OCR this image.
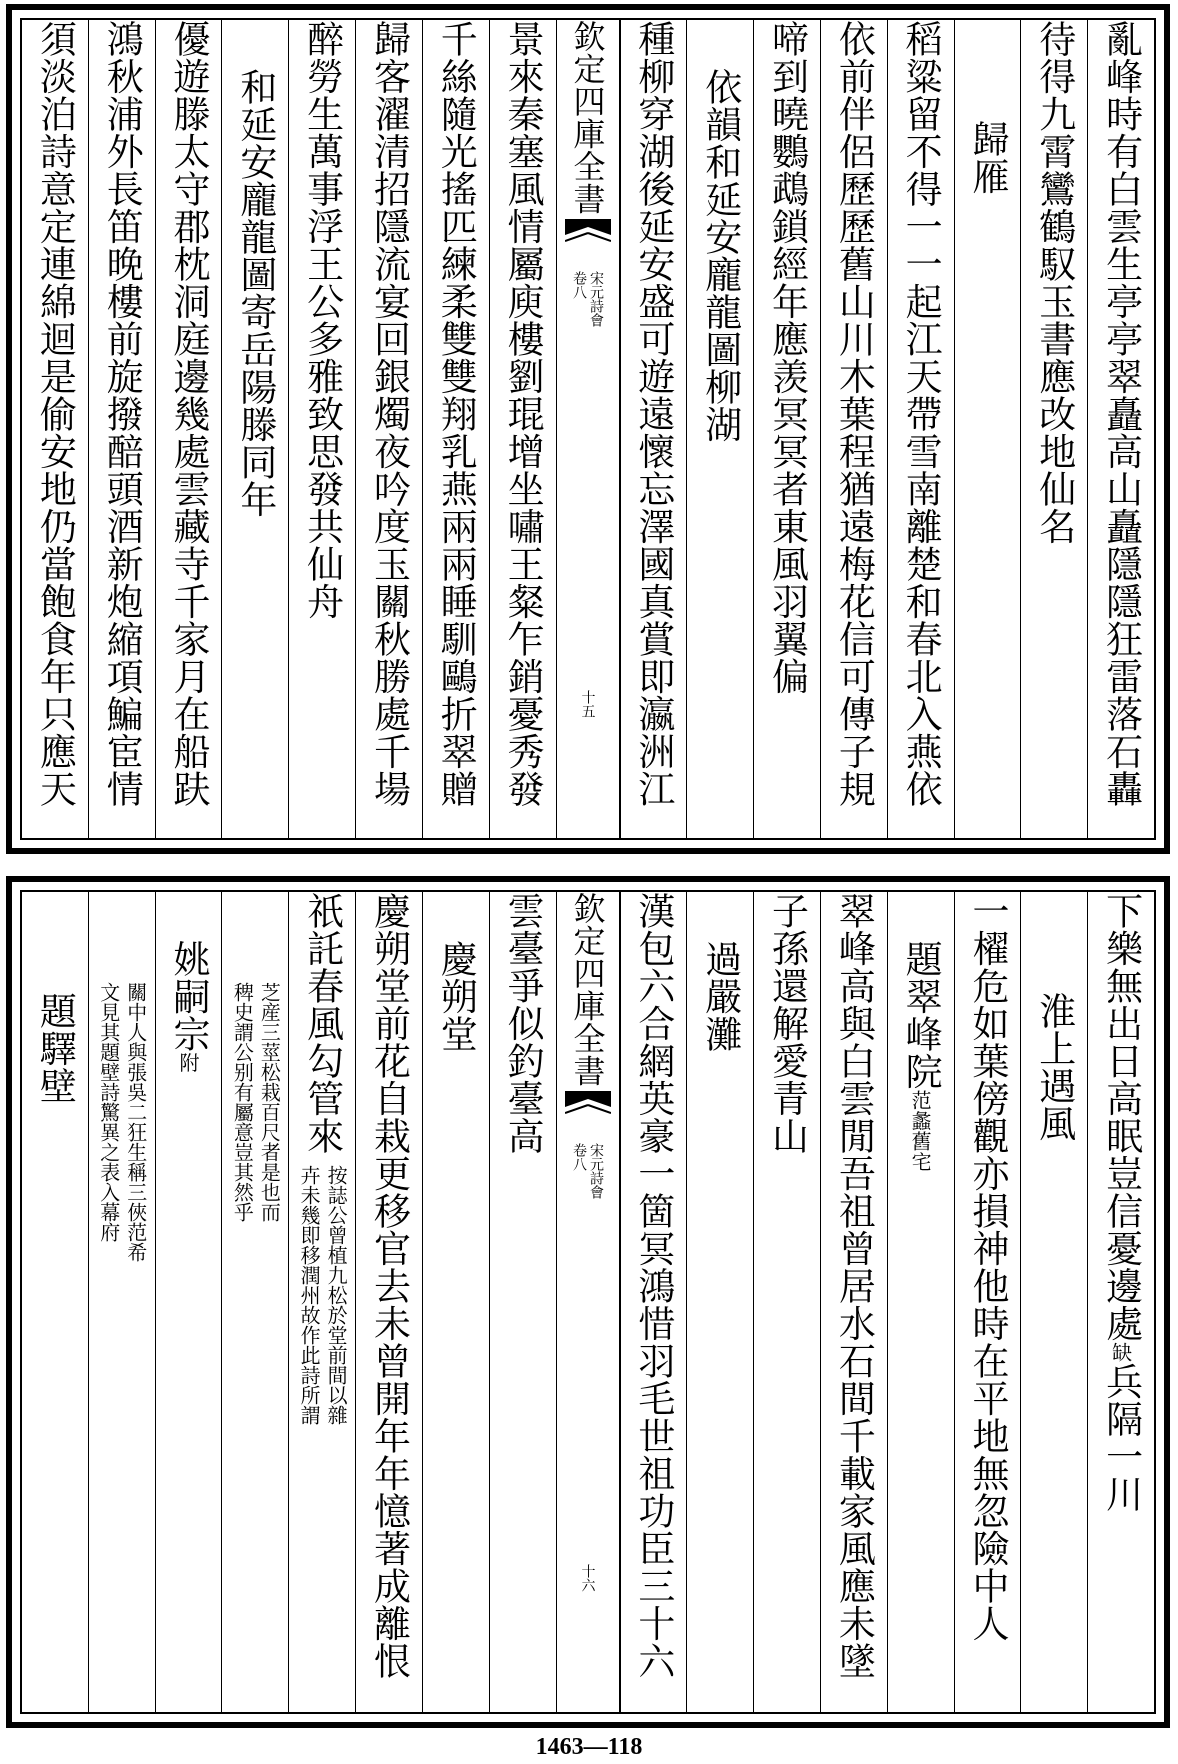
亂峰時有白雲生亭亭翠矗高山矗隱隱狂雷落石轟
待得九霄鸞鶴馭玉書應改地仙名
歸雁
稻粱留不得一一起江天帶雪南離楚和春北入燕依
依前伴侶歷歷舊山川木葉程猶遠梅花信可傳子規
啼到曉鸚鵡鎖經年應羡冥冥者東風羽翼偏
依韻和延安龐龍圖柳湖
種柳穿湖後延安盛可遊遠懷忘澤國真賞即瀛洲江
欽定四庫全書
宋元詩會
卷八
十五
景來秦塞風情屬庾樓劉琨增坐嘯王粲乍銷憂秀發
千絲隨光搖匹練柔雙雙翔乳燕兩兩睡馴鷗折翠贈
歸客濯清招隱流宴回銀燭夜吟度玉關秋勝處千場
醉勞生萬事浮王公多雅致思發共仙舟
和延安龐龍圖寄岳陽滕同年
優遊滕太守郡枕洞庭邊幾處雲藏寺千家月在船趺
鴻秋浦外長笛晚樓前旋撥醅頭酒新炮縮項鯿宦情
須淡泊詩意定連綿迴是偷安地仍當飽食年只應天
下樂無出日高眠豈信憂邊處缺兵隔一川
淮上遇風
一櫂危如葉傍觀亦損神他時在平地無忽險中人
題翠峰院范蠡舊宅
翠峰高與白雲閒吾祖曾居水石間千載家風應未墜
子孫還解愛青山
過嚴灘
漢包六合網英豪一箇冥鴻惜羽毛世祖功臣三十六
欽定四庫全書
宋元詩會
卷八
十六
雲臺爭似釣臺高
慶朔堂
慶朔堂前花自栽更移官去未曾開年年憶著成離恨
祇託春風勾管來
按誌公曾植九松於堂前間以雜
卉未幾即移潤州故作此詩所謂
芝産三莖松栽百尺者是也而
稗史謂公别有屬意豈其然乎
姚嗣宗附
關中人與張吳二狂生稱三俠范希
文見其題壁詩驚異之表入幕府
題驛壁
1463—118
